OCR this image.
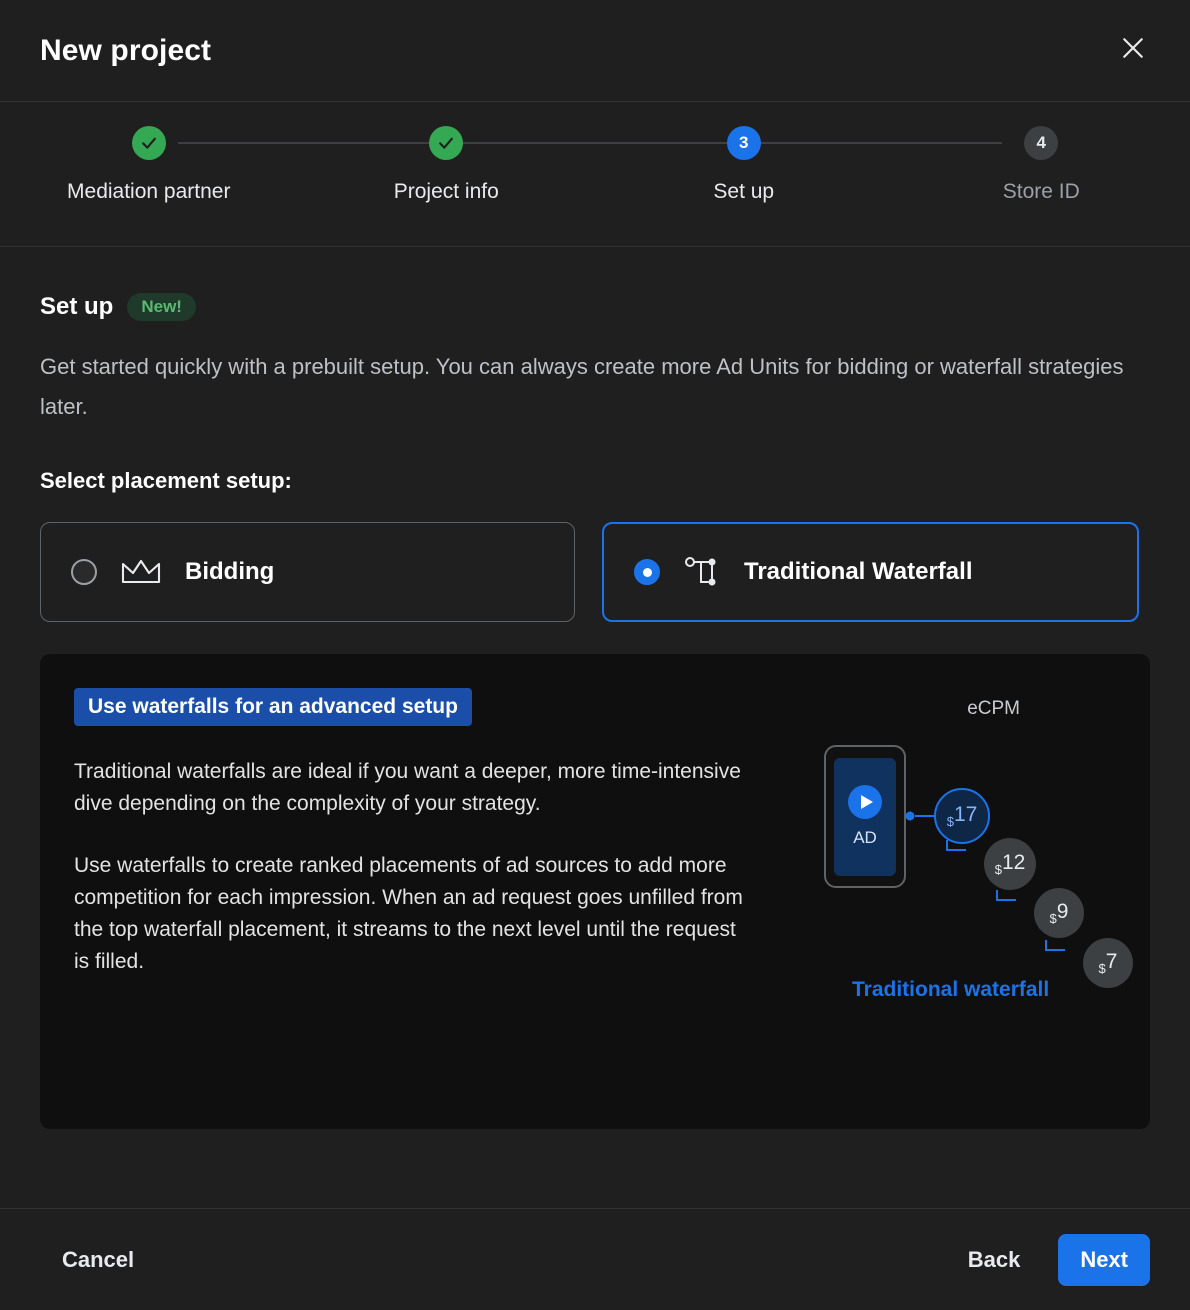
New project
Mediation partner	Project info
3
Set up
4
Store ID
Set up	New!
Get started quickly with a prebuilt setup. You can always create more Ad Units for bidding or waterfall strategies later.
Select placement setup:
Bidding	Traditional Waterfall
Use waterfalls for an advanced setup
Traditional waterfalls are ideal if you want a deeper, more time-intensive dive depending on the complexity of your strategy.
Use waterfalls to create ranked placements of ad sources to add more competition for each impression. When an ad request goes unfilled from the top waterfall placement, it streams to the next level until the request is filled.
eCPM
AD
$_{\$}$17
$_{\$}$12
$_{\$}$9
$_{\$}$7
Traditional waterfall
Cancel	Back	Next
